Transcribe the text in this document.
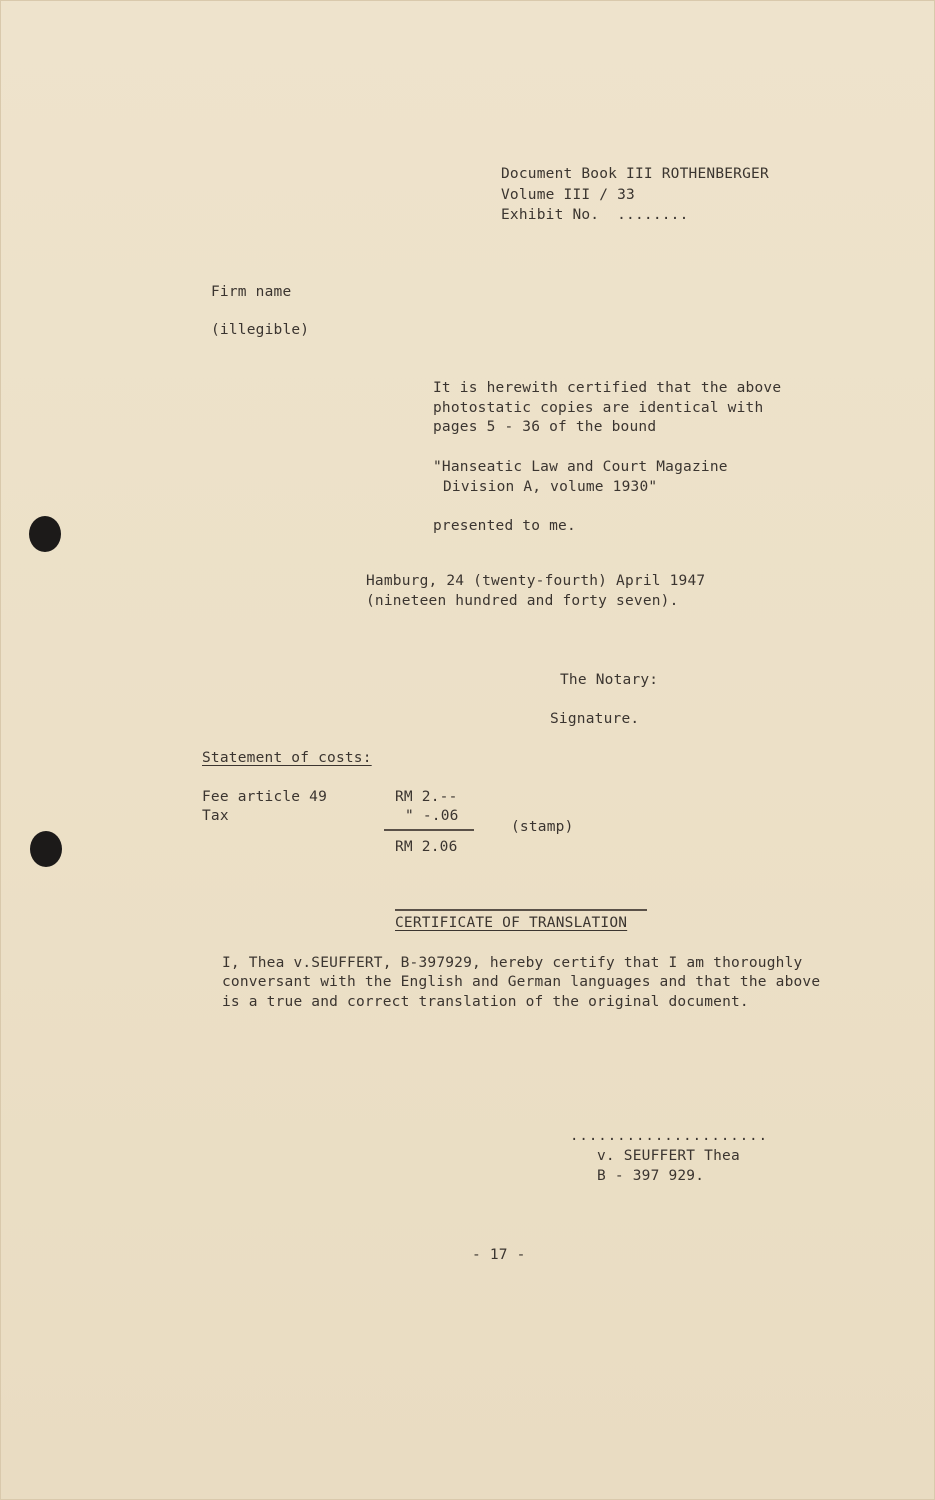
Document Book III ROTHENBERGER
Volume III / 33
Exhibit No.  ........
Firm name
(illegible)
It is herewith certified that the above
photostatic copies are identical with
pages 5 - 36 of the bound
"Hanseatic Law and Court Magazine
Division A, volume 1930"
presented to me.
Hamburg, 24 (twenty-fourth) April 1947
(nineteen hundred and forty seven).
The Notary:
Signature.
Statement of costs:
Fee article 49	RM 2.--
Tax	" -.06
RM 2.06
(stamp)
CERTIFICATE OF TRANSLATION
I, Thea v.SEUFFERT, B-397929, hereby certify that I am thoroughly
conversant with the English and German languages and that the above
is a true and correct translation of the original document.
.....................
v. SEUFFERT Thea
B - 397 929.
- 17 -
